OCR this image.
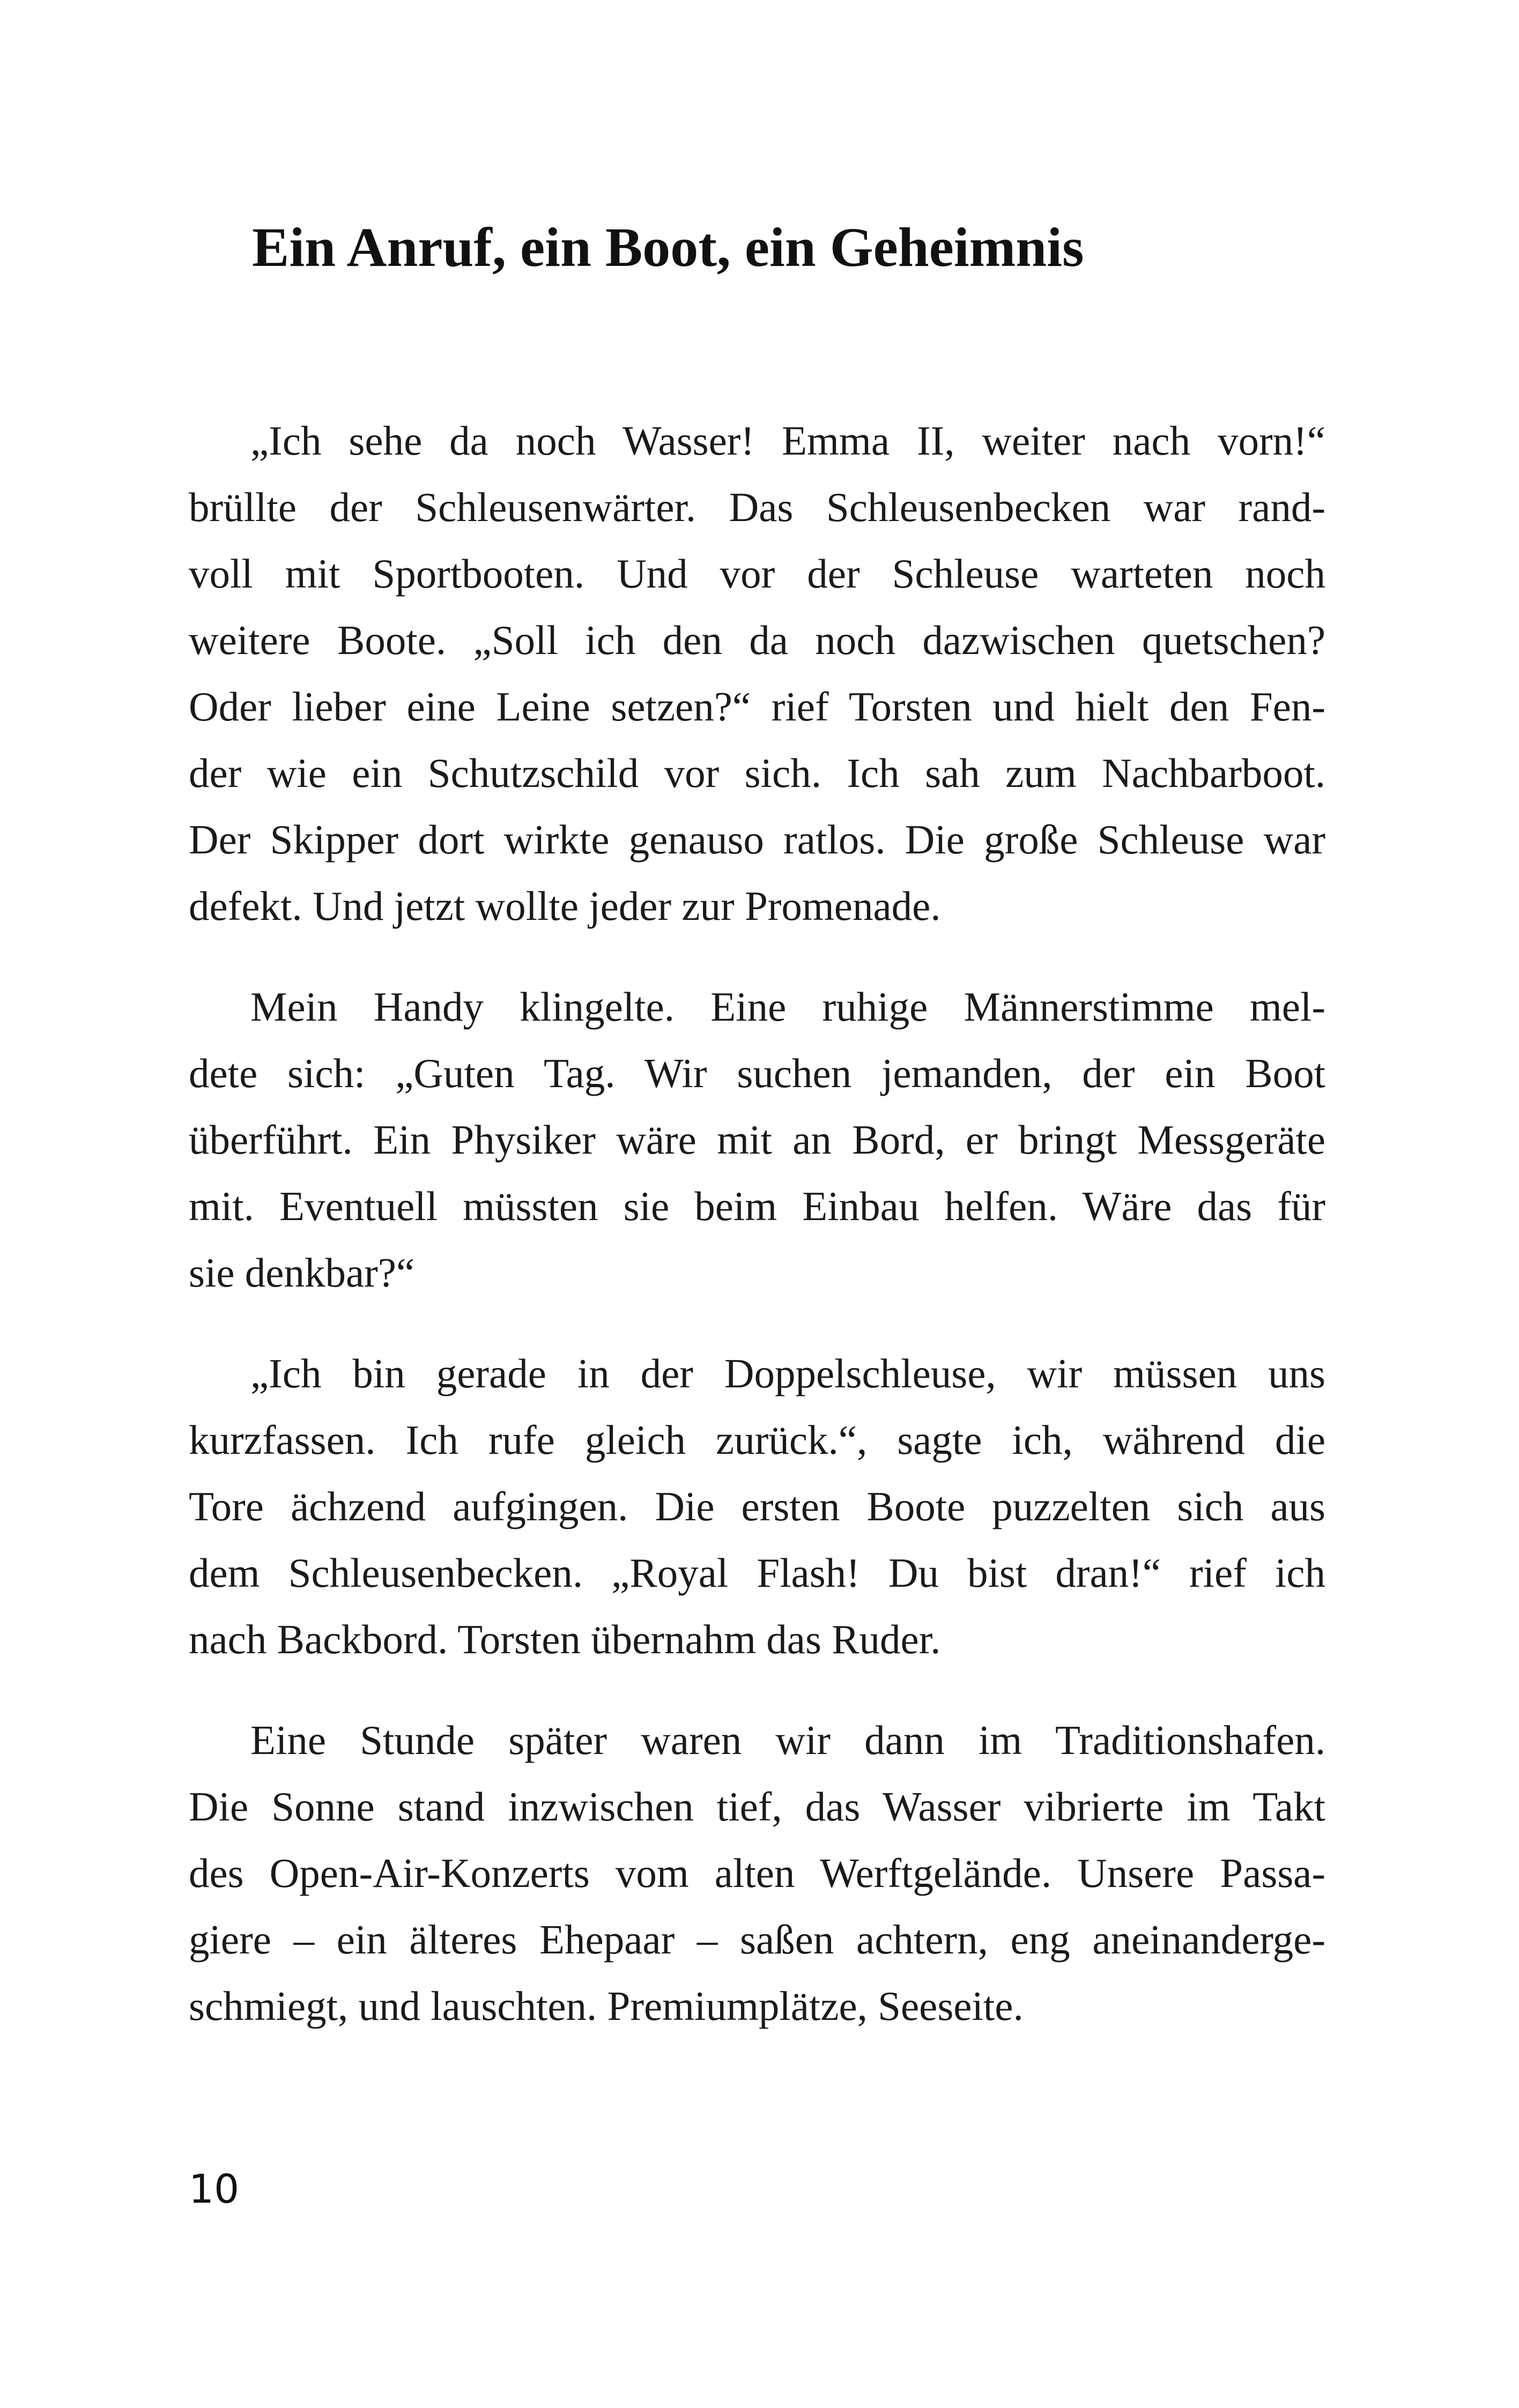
Ein Anruf, ein Boot, ein Geheimnis

„Ich sehe da noch Wasser! Emma II, weiter nach vorn!“
brüllte der Schleusenwärter. Das Schleusenbecken war rand-
voll mit Sportbooten. Und vor der Schleuse warteten noch
weitere Boote. „Soll ich den da noch dazwischen quetschen?
Oder lieber eine Leine setzen?“ rief Torsten und hielt den Fen-
der wie ein Schutzschild vor sich. Ich sah zum Nachbarboot.
Der Skipper dort wirkte genauso ratlos. Die große Schleuse war
defekt. Und jetzt wollte jeder zur Promenade.

Mein Handy klingelte. Eine ruhige Männerstimme mel-
dete sich: „Guten Tag. Wir suchen jemanden, der ein Boot
überführt. Ein Physiker wäre mit an Bord, er bringt Messgeräte
mit. Eventuell müssten sie beim Einbau helfen. Wäre das für
sie denkbar?“

„Ich bin gerade in der Doppelschleuse, wir müssen uns
kurzfassen. Ich rufe gleich zurück.“, sagte ich, während die
Tore ächzend aufgingen. Die ersten Boote puzzelten sich aus
dem Schleusenbecken. „Royal Flash! Du bist dran!“ rief ich
nach Backbord. Torsten übernahm das Ruder.

Eine Stunde später waren wir dann im Traditionshafen.
Die Sonne stand inzwischen tief, das Wasser vibrierte im Takt
des Open-Air-Konzerts vom alten Werftgelände. Unsere Passa-
giere – ein älteres Ehepaar – saßen achtern, eng aneinanderge-
schmiegt, und lauschten. Premiumplätze, Seeseite.

10
